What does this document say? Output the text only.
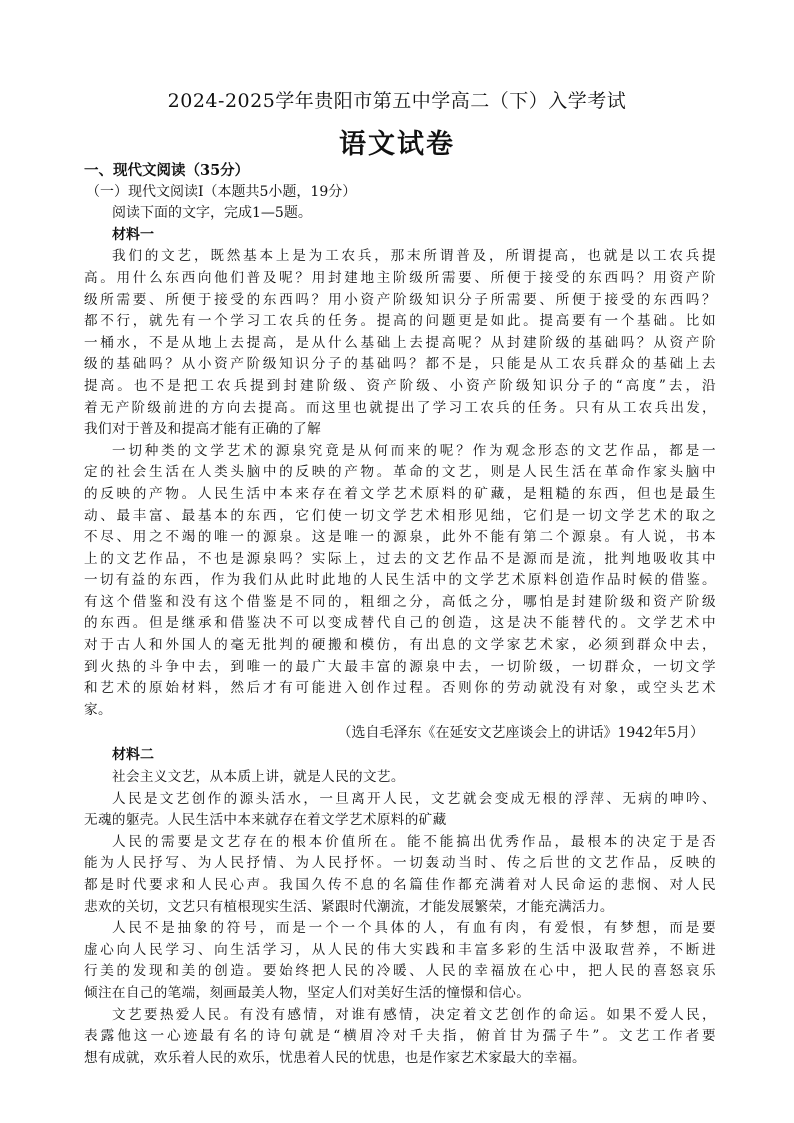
2024-2025学年贵阳市第五中学高二（下）入学考试
语文试卷
一、现代文阅读（35分）
（一）现代文阅读Ⅰ（本题共5小题，19分）
阅读下面的文字，完成1—5题。
材料一
我们的文艺，既然基本上是为工农兵，那末所谓普及，所谓提高，也就是以工农兵提
高。用什么东西向他们普及呢？用封建地主阶级所需要、所便于接受的东西吗？用资产阶
级所需要、所便于接受的东西吗？用小资产阶级知识分子所需要、所便于接受的东西吗？
都不行，就先有一个学习工农兵的任务。提高的问题更是如此。提高要有一个基础。比如
一桶水，不是从地上去提高，是从什么基础上去提高呢？从封建阶级的基础吗？从资产阶
级的基础吗？从小资产阶级知识分子的基础吗？都不是，只能是从工农兵群众的基础上去
提高。也不是把工农兵提到封建阶级、资产阶级、小资产阶级知识分子的“高度”去，沿
着无产阶级前进的方向去提高。而这里也就提出了学习工农兵的任务。只有从工农兵出发，
我们对于普及和提高才能有正确的了解
一切种类的文学艺术的源泉究竟是从何而来的呢？作为观念形态的文艺作品，都是一
定的社会生活在人类头脑中的反映的产物。革命的文艺，则是人民生活在革命作家头脑中
的反映的产物。人民生活中本来存在着文学艺术原料的矿藏，是粗糙的东西，但也是最生
动、最丰富、最基本的东西，它们使一切文学艺术相形见绌，它们是一切文学艺术的取之
不尽、用之不竭的唯一的源泉。这是唯一的源泉，此外不能有第二个源泉。有人说，书本
上的文艺作品，不也是源泉吗？实际上，过去的文艺作品不是源而是流，批判地吸收其中
一切有益的东西，作为我们从此时此地的人民生活中的文学艺术原料创造作品时候的借鉴。
有这个借鉴和没有这个借鉴是不同的，粗细之分，高低之分，哪怕是封建阶级和资产阶级
的东西。但是继承和借鉴决不可以变成替代自己的创造，这是决不能替代的。文学艺术中
对于古人和外国人的毫无批判的硬搬和模仿，有出息的文学家艺术家，必须到群众中去，
到火热的斗争中去，到唯一的最广大最丰富的源泉中去，一切阶级，一切群众，一切文学
和艺术的原始材料，然后才有可能进入创作过程。否则你的劳动就没有对象，或空头艺术
家。
（选自毛泽东《在延安文艺座谈会上的讲话》1942年5月）
材料二
社会主义文艺，从本质上讲，就是人民的文艺。
人民是文艺创作的源头活水，一旦离开人民，文艺就会变成无根的浮萍、无病的呻吟、
无魂的躯壳。人民生活中本来就存在着文学艺术原料的矿藏
人民的需要是文艺存在的根本价值所在。能不能搞出优秀作品，最根本的决定于是否
能为人民抒写、为人民抒情、为人民抒怀。一切轰动当时、传之后世的文艺作品，反映的
都是时代要求和人民心声。我国久传不息的名篇佳作都充满着对人民命运的悲悯、对人民
悲欢的关切，文艺只有植根现实生活、紧跟时代潮流，才能发展繁荣，才能充满活力。
人民不是抽象的符号，而是一个一个具体的人，有血有肉，有爱恨，有梦想，而是要
虚心向人民学习、向生活学习，从人民的伟大实践和丰富多彩的生活中汲取营养，不断进
行美的发现和美的创造。要始终把人民的冷暖、人民的幸福放在心中，把人民的喜怒哀乐
倾注在自己的笔端，刻画最美人物，坚定人们对美好生活的憧憬和信心。
文艺要热爱人民。有没有感情，对谁有感情，决定着文艺创作的命运。如果不爱人民，
表露他这一心迹最有名的诗句就是“横眉冷对千夫指，俯首甘为孺子牛”。文艺工作者要
想有成就，欢乐着人民的欢乐，忧患着人民的忧患，也是作家艺术家最大的幸福。
